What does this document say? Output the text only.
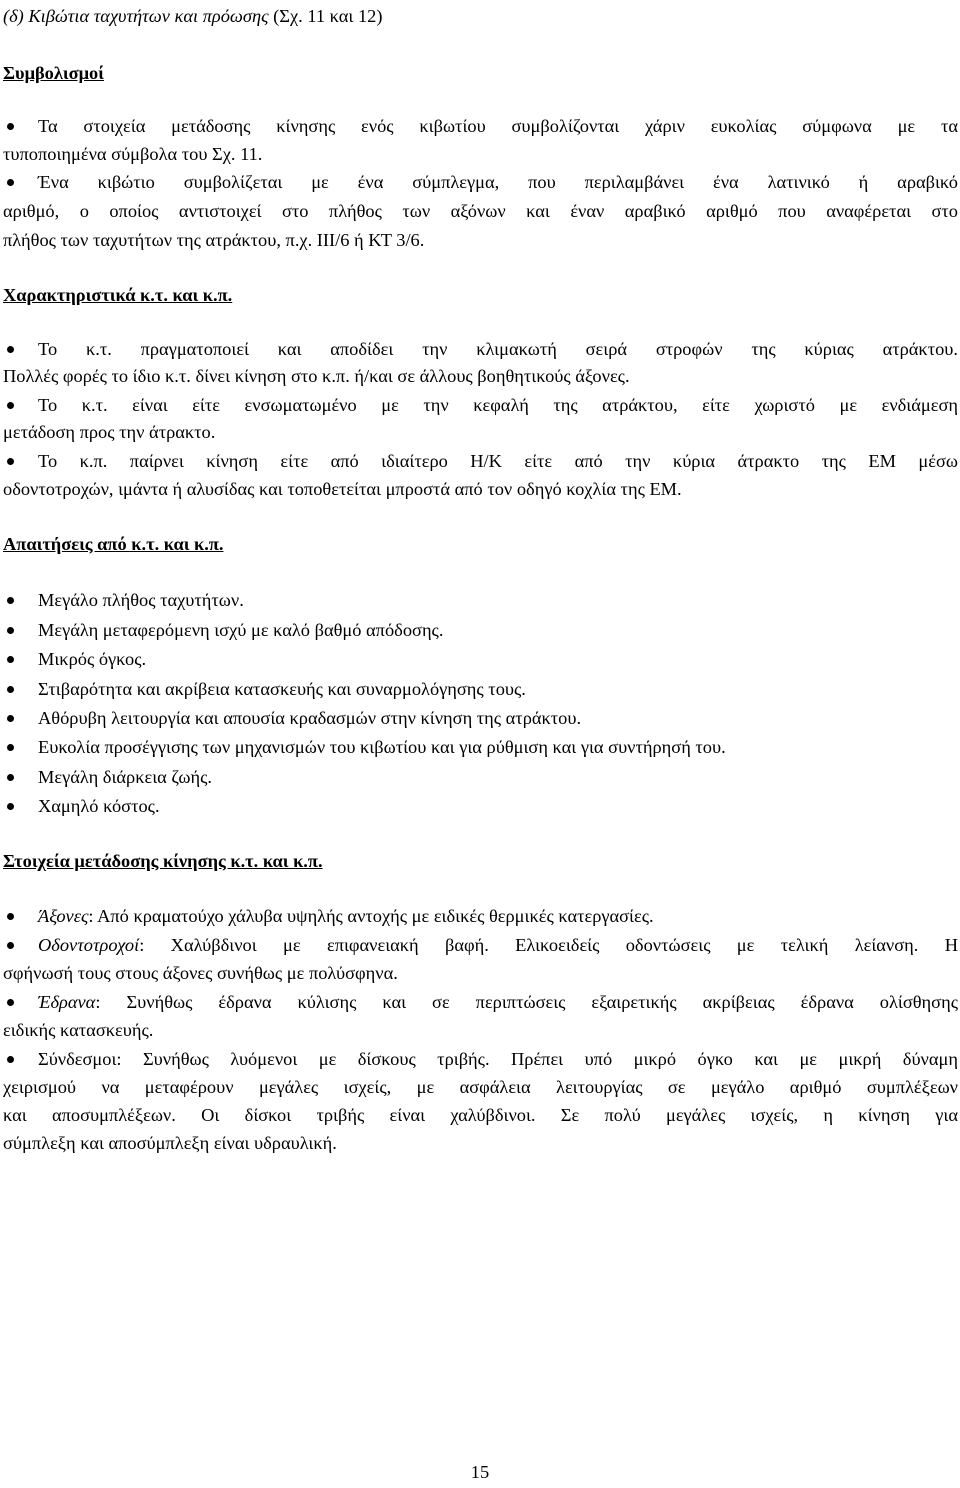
(δ) Κιβώτια ταχυτήτων και πρόωσης (Σχ. 11 και 12)
Συμβολισμοί
Τα στοιχεία μετάδοσης κίνησης ενός κιβωτίου συμβολίζονται χάριν ευκολίας σύμφωνα με τα
τυποποιημένα σύμβολα του Σχ. 11.
Ένα κιβώτιο συμβολίζεται με ένα σύμπλεγμα, που περιλαμβάνει ένα λατινικό ή αραβικό
αριθμό, ο οποίος αντιστοιχεί στο πλήθος των αξόνων και έναν αραβικό αριθμό που αναφέρεται στο
πλήθος των ταχυτήτων της ατράκτου, π.χ. ΙΙΙ/6 ή ΚΤ 3/6.
Χαρακτηριστικά κ.τ. και κ.π.
Το κ.τ. πραγματοποιεί και αποδίδει την κλιμακωτή σειρά στροφών της κύριας ατράκτου.
Πολλές φορές το ίδιο κ.τ. δίνει κίνηση στο κ.π. ή/και σε άλλους βοηθητικούς άξονες.
Το κ.τ. είναι είτε ενσωματωμένο με την κεφαλή της ατράκτου, είτε χωριστό με ενδιάμεση
μετάδοση προς την άτρακτο.
Το κ.π. παίρνει κίνηση είτε από ιδιαίτερο Η/Κ είτε από την κύρια άτρακτο της ΕΜ μέσω
οδοντοτροχών, ιμάντα ή αλυσίδας και τοποθετείται μπροστά από τον οδηγό κοχλία της ΕΜ.
Απαιτήσεις από κ.τ. και κ.π.
Μεγάλο πλήθος ταχυτήτων.
Μεγάλη μεταφερόμενη ισχύ με καλό βαθμό απόδοσης.
Μικρός όγκος.
Στιβαρότητα και ακρίβεια κατασκευής και συναρμολόγησης τους.
Αθόρυβη λειτουργία και απουσία κραδασμών στην κίνηση της ατράκτου.
Ευκολία προσέγγισης των μηχανισμών του κιβωτίου και για ρύθμιση και για συντήρησή του.
Μεγάλη διάρκεια ζωής.
Χαμηλό κόστος.
Στοιχεία μετάδοσης κίνησης κ.τ. και κ.π.
Άξονες: Από κραματούχο χάλυβα υψηλής αντοχής με ειδικές θερμικές κατεργασίες.
Οδοντοτροχοί: Χαλύβδινοι με επιφανειακή βαφή. Ελικοειδείς οδοντώσεις με τελική λείανση. Η
σφήνωσή τους στους άξονες συνήθως με πολύσφηνα.
Έδρανα: Συνήθως έδρανα κύλισης και σε περιπτώσεις εξαιρετικής ακρίβειας έδρανα ολίσθησης
ειδικής κατασκευής.
Σύνδεσμοι: Συνήθως λυόμενοι με δίσκους τριβής. Πρέπει υπό μικρό όγκο και με μικρή δύναμη
χειρισμού να μεταφέρουν μεγάλες ισχείς, με ασφάλεια λειτουργίας σε μεγάλο αριθμό συμπλέξεων
και αποσυμπλέξεων. Οι δίσκοι τριβής είναι χαλύβδινοι. Σε πολύ μεγάλες ισχείς, η κίνηση για
σύμπλεξη και αποσύμπλεξη είναι υδραυλική.
15
